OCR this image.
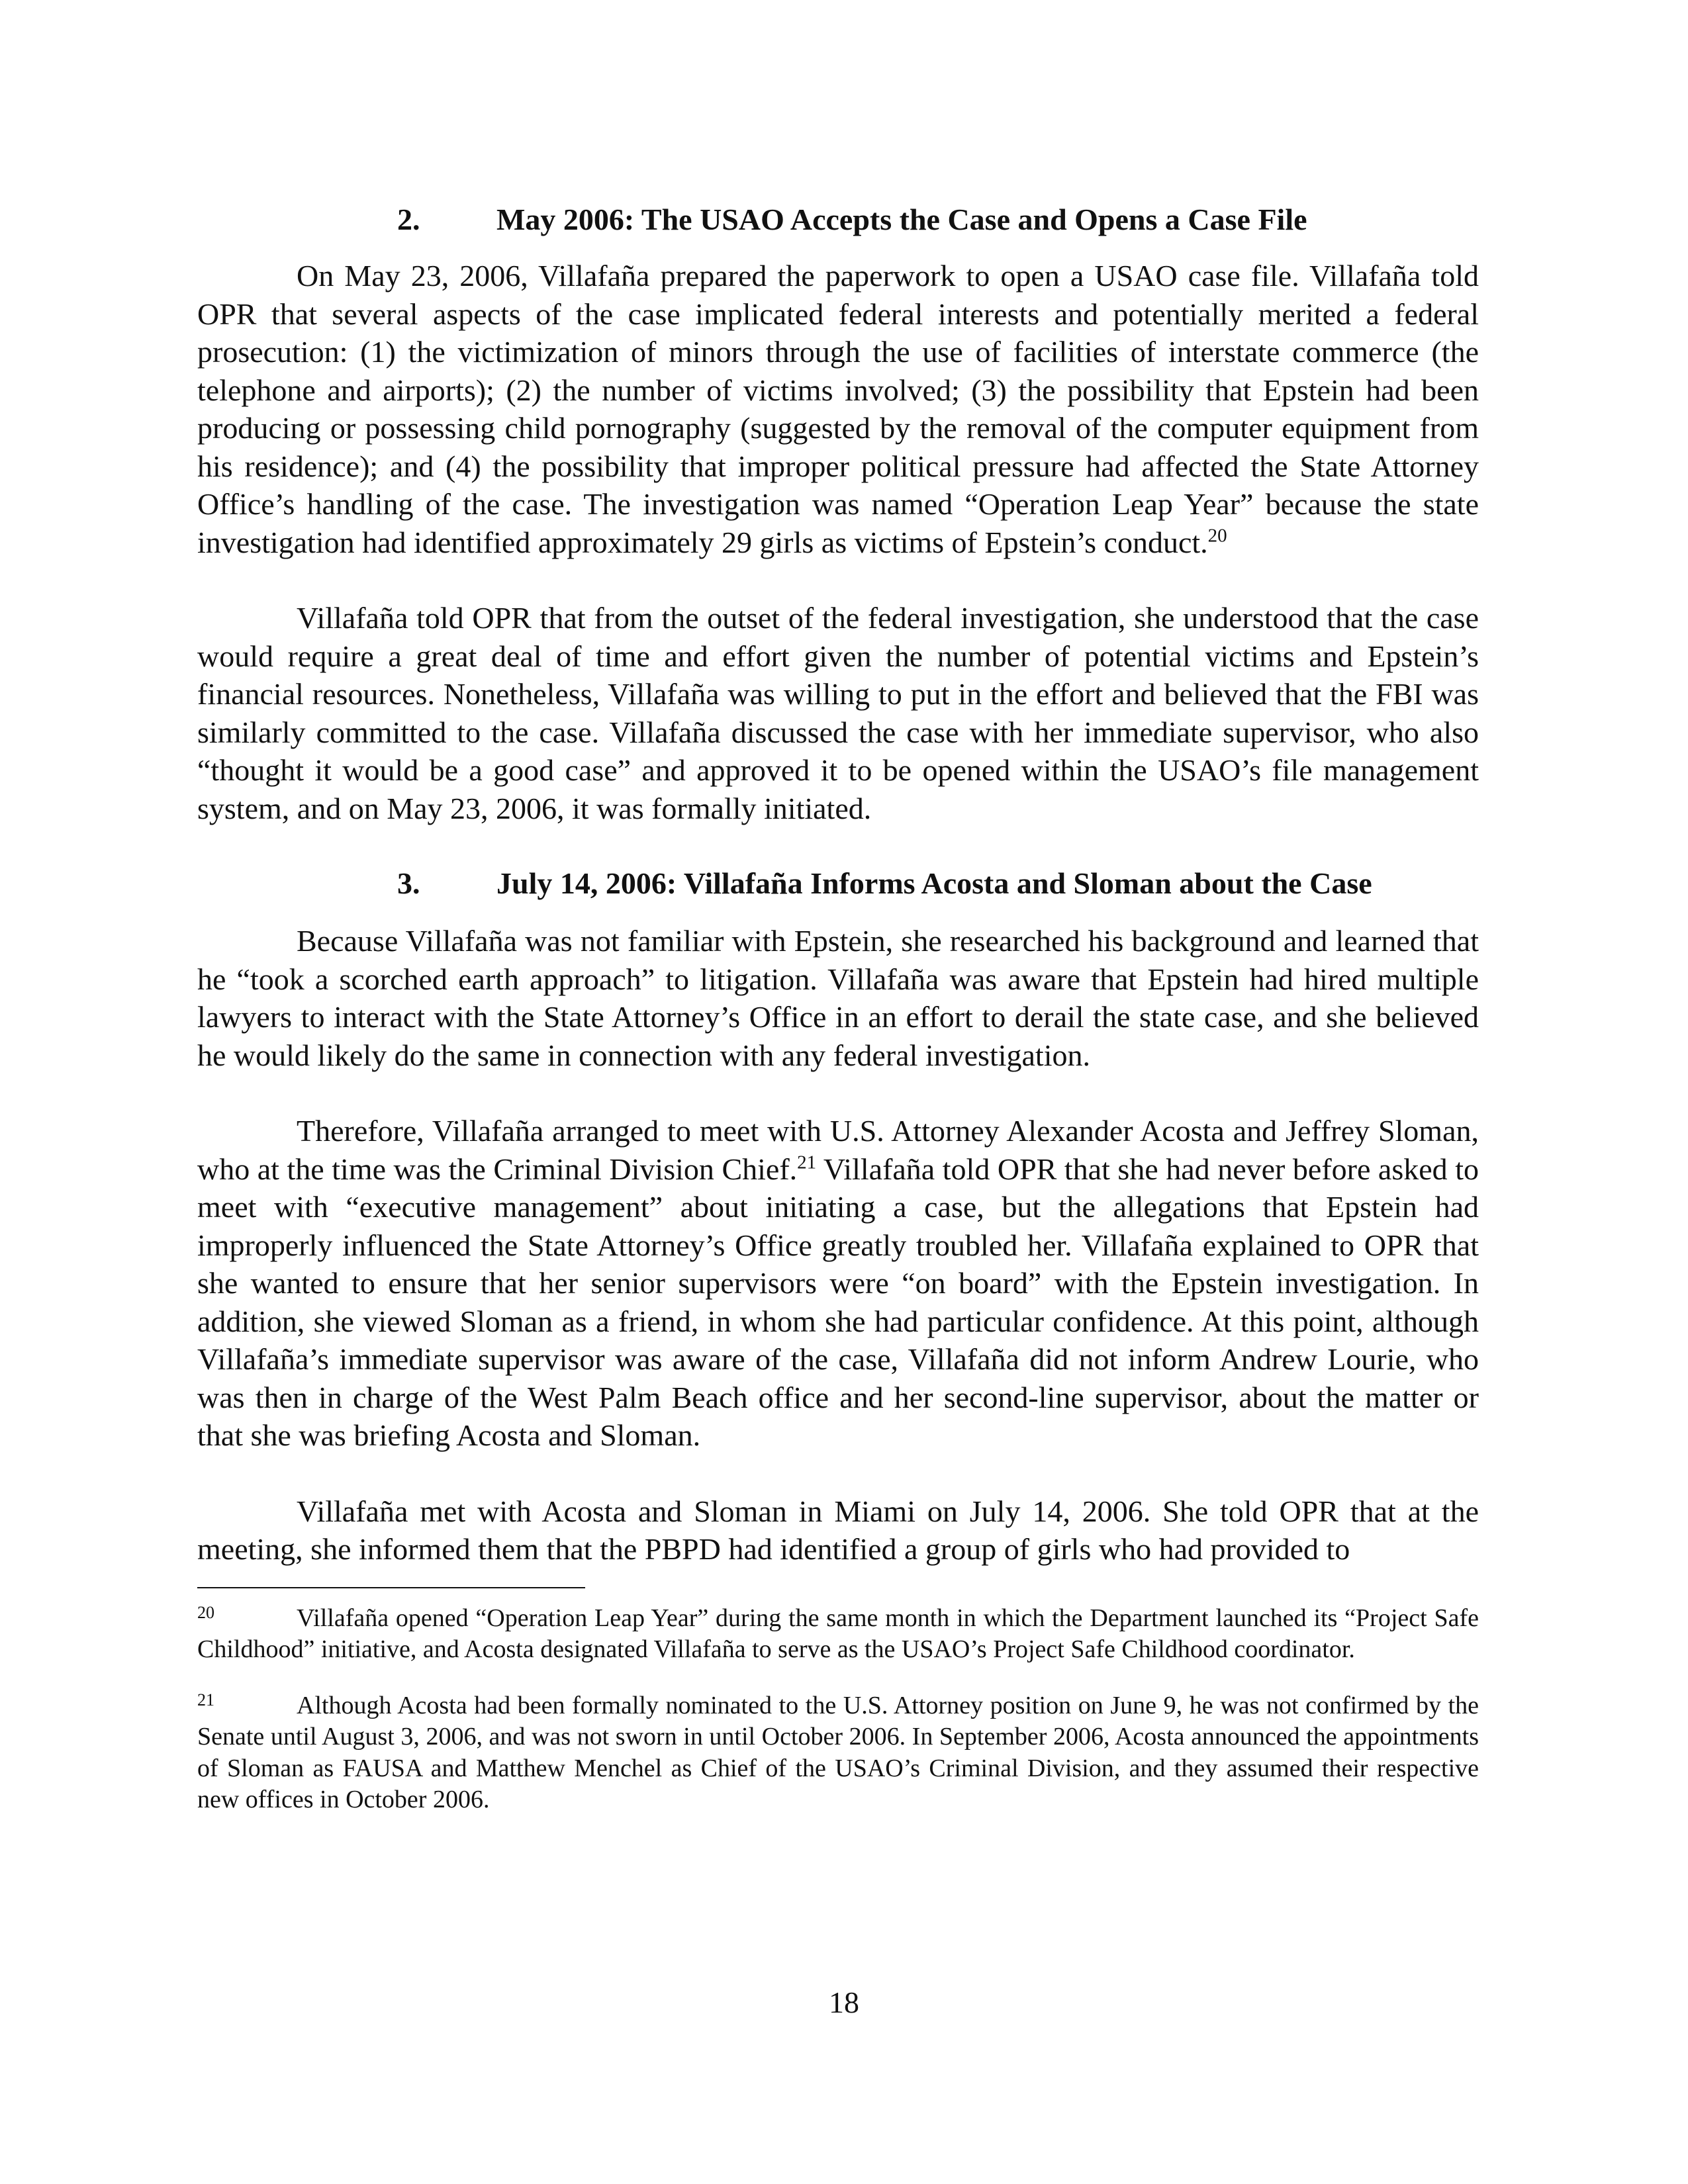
2.	May 2006: The USAO Accepts the Case and Opens a Case File

On May 23, 2006, Villafaña prepared the paperwork to open a USAO case file. Villafaña told OPR that several aspects of the case implicated federal interests and potentially merited a federal prosecution: (1) the victimization of minors through the use of facilities of interstate commerce (the telephone and airports); (2) the number of victims involved; (3) the possibility that Epstein had been producing or possessing child pornography (suggested by the removal of the computer equipment from his residence); and (4) the possibility that improper political pressure had affected the State Attorney Office’s handling of the case. The investigation was named “Operation Leap Year” because the state investigation had identified approximately 29 girls as victims of Epstein’s conduct.$^{20}$

Villafaña told OPR that from the outset of the federal investigation, she understood that the case would require a great deal of time and effort given the number of potential victims and Epstein’s financial resources. Nonetheless, Villafaña was willing to put in the effort and believed that the FBI was similarly committed to the case. Villafaña discussed the case with her immediate supervisor, who also “thought it would be a good case” and approved it to be opened within the USAO’s file management system, and on May 23, 2006, it was formally initiated.

3.	July 14, 2006: Villafaña Informs Acosta and Sloman about the Case

Because Villafaña was not familiar with Epstein, she researched his background and learned that he “took a scorched earth approach” to litigation. Villafaña was aware that Epstein had hired multiple lawyers to interact with the State Attorney’s Office in an effort to derail the state case, and she believed he would likely do the same in connection with any federal investigation.

Therefore, Villafaña arranged to meet with U.S. Attorney Alexander Acosta and Jeffrey Sloman, who at the time was the Criminal Division Chief.$^{21}$ Villafaña told OPR that she had never before asked to meet with “executive management” about initiating a case, but the allegations that Epstein had improperly influenced the State Attorney’s Office greatly troubled her. Villafaña explained to OPR that she wanted to ensure that her senior supervisors were “on board” with the Epstein investigation. In addition, she viewed Sloman as a friend, in whom she had particular confidence. At this point, although Villafaña’s immediate supervisor was aware of the case, Villafaña did not inform Andrew Lourie, who was then in charge of the West Palm Beach office and her second-line supervisor, about the matter or that she was briefing Acosta and Sloman.

Villafaña met with Acosta and Sloman in Miami on July 14, 2006. She told OPR that at the meeting, she informed them that the PBPD had identified a group of girls who had provided to

20	Villafaña opened “Operation Leap Year” during the same month in which the Department launched its “Project Safe Childhood” initiative, and Acosta designated Villafaña to serve as the USAO’s Project Safe Childhood coordinator.

21	Although Acosta had been formally nominated to the U.S. Attorney position on June 9, he was not confirmed by the Senate until August 3, 2006, and was not sworn in until October 2006. In September 2006, Acosta announced the appointments of Sloman as FAUSA and Matthew Menchel as Chief of the USAO’s Criminal Division, and they assumed their respective new offices in October 2006.

18
